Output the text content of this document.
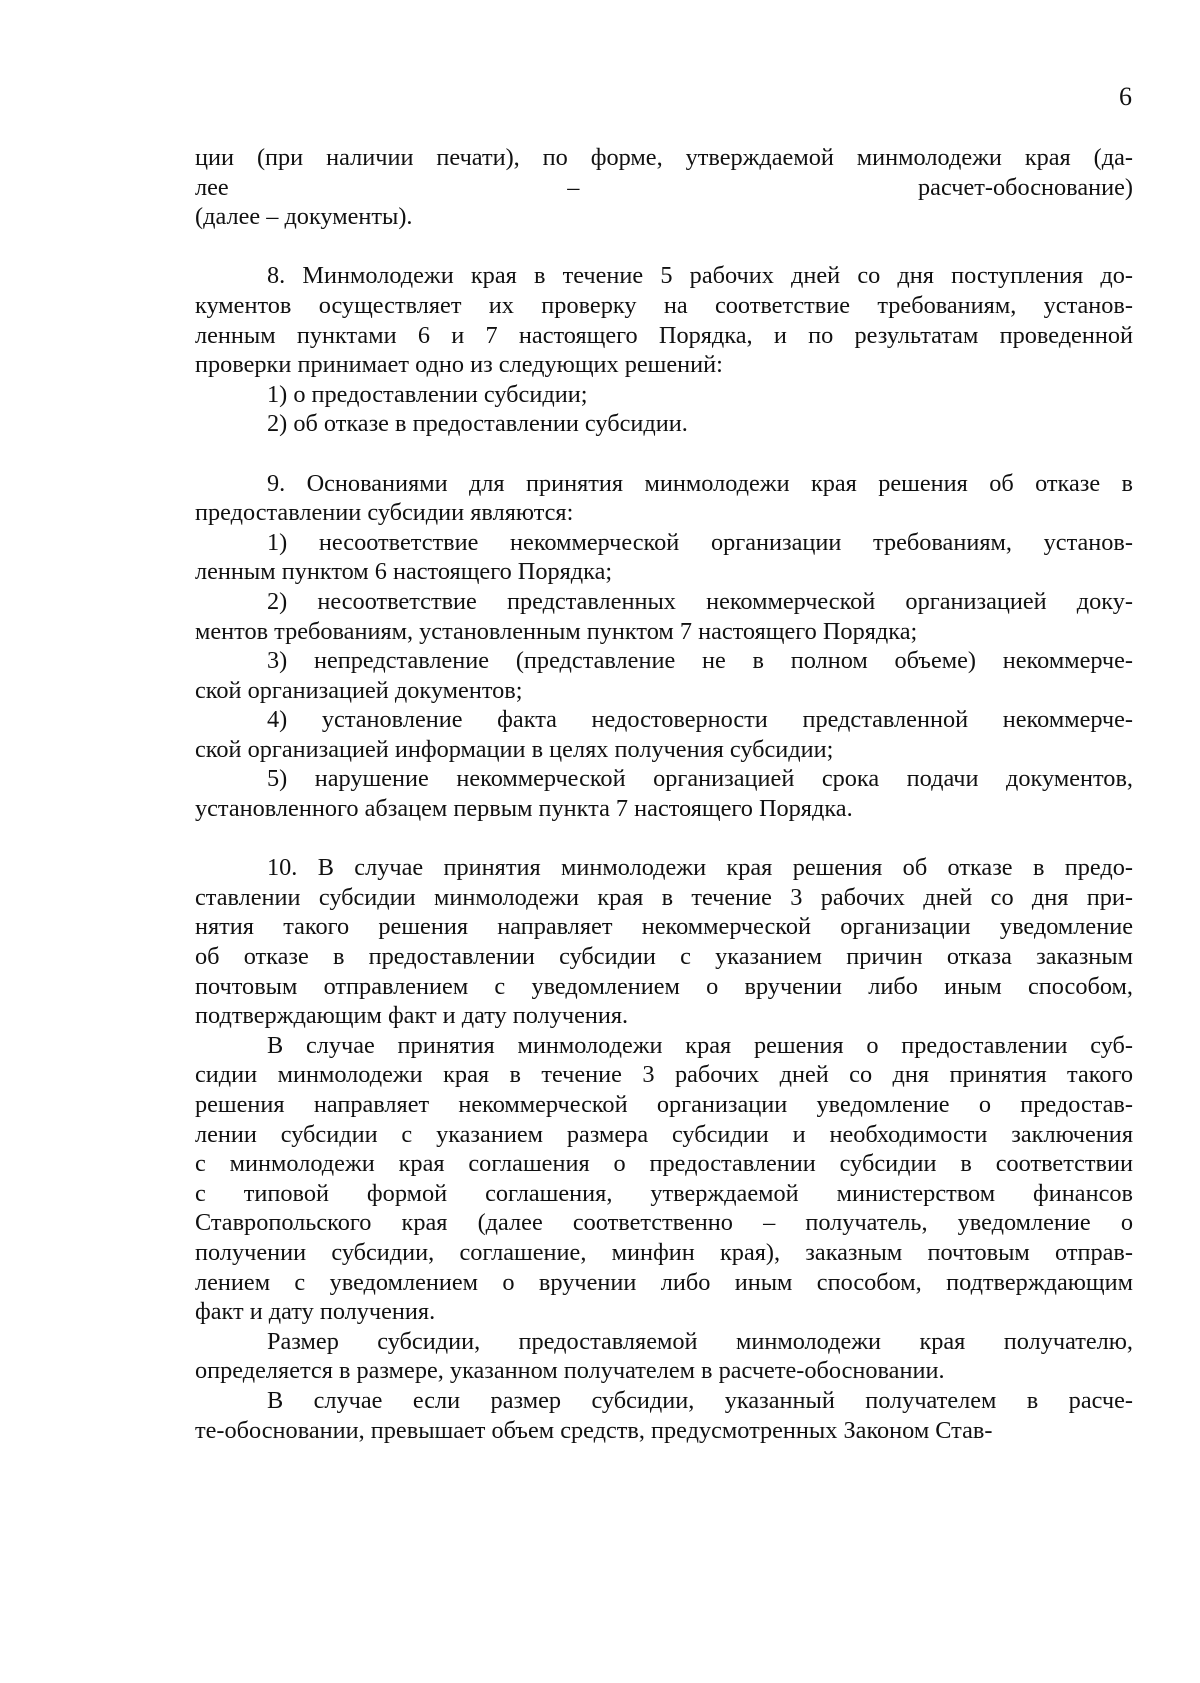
6
ции (при наличии печати), по форме, утверждаемой минмолодежи края (да-
лее – расчет-обоснование)
(далее – документы).
8. Минмолодежи края в течение 5 рабочих дней со дня поступления до-
кументов осуществляет их проверку на соответствие требованиям, установ-
ленным пунктами 6 и 7 настоящего Порядка, и по результатам проведенной
проверки принимает одно из следующих решений:
1) о предоставлении субсидии;
2) об отказе в предоставлении субсидии.
9. Основаниями для принятия минмолодежи края решения об отказе в
предоставлении субсидии являются:
1) несоответствие некоммерческой организации требованиям, установ-
ленным пунктом 6 настоящего Порядка;
2) несоответствие представленных некоммерческой организацией доку-
ментов требованиям, установленным пунктом 7 настоящего Порядка;
3) непредставление (представление не в полном объеме) некоммерче-
ской организацией документов;
4) установление факта недостоверности представленной некоммерче-
ской организацией информации в целях получения субсидии;
5) нарушение некоммерческой организацией срока подачи документов,
установленного абзацем первым пункта 7 настоящего Порядка.
10. В случае принятия минмолодежи края решения об отказе в предо-
ставлении субсидии минмолодежи края в течение 3 рабочих дней со дня при-
нятия такого решения направляет некоммерческой организации уведомление
об отказе в предоставлении субсидии с указанием причин отказа заказным
почтовым отправлением с уведомлением о вручении либо иным способом,
подтверждающим факт и дату получения.
В случае принятия минмолодежи края решения о предоставлении суб-
сидии минмолодежи края в течение 3 рабочих дней со дня принятия такого
решения направляет некоммерческой организации уведомление о предостав-
лении субсидии с указанием размера субсидии и необходимости заключения
с минмолодежи края соглашения о предоставлении субсидии в соответствии
с типовой формой соглашения, утверждаемой министерством финансов
Ставропольского края (далее соответственно – получатель, уведомление о
получении субсидии, соглашение, минфин края), заказным почтовым отправ-
лением с уведомлением о вручении либо иным способом, подтверждающим
факт и дату получения.
Размер субсидии, предоставляемой минмолодежи края получателю,
определяется в размере, указанном получателем в расчете-обосновании.
В случае если размер субсидии, указанный получателем в расче-
те-обосновании, превышает объем средств, предусмотренных Законом Став-
